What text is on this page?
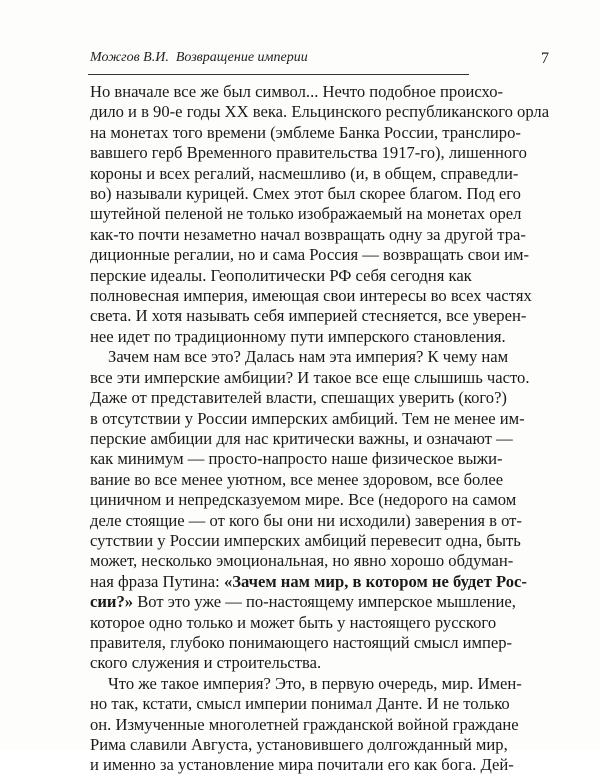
Можгов В.И. Возвращение империи	7
Но вначале все же был символ... Нечто подобное происхо-
дило и в 90-е годы XX века. Ельцинского республиканского орла
на монетах того времени (эмблеме Банка России, транслиро-
вавшего герб Временного правительства 1917-го), лишенного
короны и всех регалий, насмешливо (и, в общем, справедли-
во) называли курицей. Смех этот был скорее благом. Под его
шутейной пеленой не только изображаемый на монетах орел
как-то почти незаметно начал возвращать одну за другой тра-
диционные регалии, но и сама Россия — возвращать свои им-
перские идеалы. Геополитически РФ себя сегодня как
полновесная империя, имеющая свои интересы во всех частях
света. И хотя называть себя империей стесняется, все уверен-
нее идет по традиционному пути имперского становления.
Зачем нам все это? Далась нам эта империя? К чему нам
все эти имперские амбиции? И такое все еще слышишь часто.
Даже от представителей власти, спешащих уверить (кого?)
в отсутствии у России имперских амбиций. Тем не менее им-
перские амбиции для нас критически важны, и означают —
как минимум — просто-напросто наше физическое выжи-
вание во все менее уютном, все менее здоровом, все более
циничном и непредсказуемом мире. Все (недорого на самом
деле стоящие — от кого бы они ни исходили) заверения в от-
сутствии у России имперских амбиций перевесит одна, быть
может, несколько эмоциональная, но явно хорошо обдуман-
ная фраза Путина: «Зачем нам мир, в котором не будет Рос-
сии?» Вот это уже — по-настоящему имперское мышление,
которое одно только и может быть у настоящего русского
правителя, глубоко понимающего настоящий смысл импер-
ского служения и строительства.
Что же такое империя? Это, в первую очередь, мир. Имен-
но так, кстати, смысл империи понимал Данте. И не только
он. Измученные многолетней гражданской войной граждане
Рима славили Августа, установившего долгожданный мир,
и именно за установление мира почитали его как бога. Дей-
